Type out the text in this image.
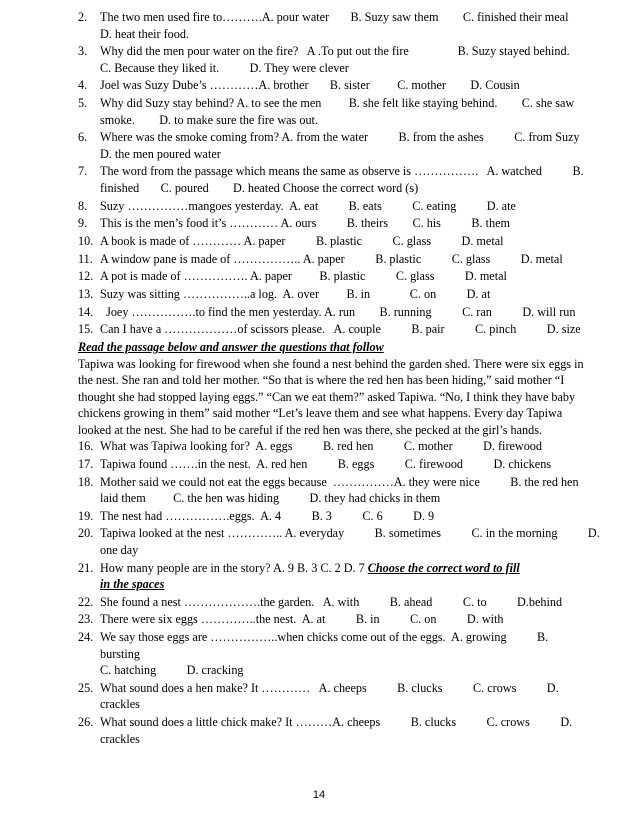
2.	The two men used fire to……….A. pour water       B. Suzy saw them        C. finished their meal
D. heat their food.
3.	Why did the men pour water on the fire?   A .To put out the fire                B. Suzy stayed behind.
C. Because they liked it.          D. They were clever
4.	Joel was Suzy Dube’s …………A. brother       B. sister         C. mother        D. Cousin
5.	Why did Suzy stay behind? A. to see the men         B. she felt like staying behind.        C. she saw
smoke.        D. to make sure the fire was out.
6.	Where was the smoke coming from? A. from the water          B. from the ashes          C. from Suzy
D. the men poured water
7.	The word from the passage which means the same as observe is …………….   A. watched          B.
finished       C. poured        D. heated Choose the correct word (s)
8.	Suzy ……………mangoes yesterday.  A. eat          B. eats          C. eating          D. ate
9.	This is the men’s food it’s ………… A. ours          B. theirs        C. his          B. them
10. A book is made of ………… A. paper          B. plastic          C. glass          D. metal
11. A window pane is made of …………….. A. paper          B. plastic          C. glass          D. metal
12. A pot is made of ……………. A. paper         B. plastic          C. glass          D. metal
13. Suzy was sitting ……………..a log.  A. over         B. in             C. on          D. at
14. Joey …………….to find the men yesterday. A. run        B. running          C. ran          D. will run
15. Can I have a ………………of scissors please.   A. couple          B. pair          C. pinch          D. size
Read the passage below and answer the questions that follow
Tapiwa was looking for firewood when she found a nest behind the garden shed. There were six eggs in
the nest. She ran and told her mother. “So that is where the red hen has been hiding,” said mother “I
thought she had stopped laying eggs.” “Can we eat them?” asked Tapiwa. “No, I think they have baby
chickens growing in them” said mother “Let’s leave them and see what happens. Every day Tapiwa
looked at the nest. She had to be careful if the red hen was there, she pecked at the girl’s hands.
16. What was Tapiwa looking for?  A. eggs          B. red hen          C. mother          D. firewood
17. Tapiwa found …….in the nest.  A. red hen          B. eggs          C. firewood          D. chickens
18. Mother said we could not eat the eggs because  ……………A. they were nice          B. the red hen
laid them         C. the hen was hiding          D. they had chicks in them
19. The nest had …………….eggs.  A. 4          B. 3          C. 6          D. 9
20. Tapiwa looked at the nest ………….. A. everyday          B. sometimes          C. in the morning          D.
one day
21. How many people are in the story? A. 9 B. 3 C. 2 D. 7 Choose the correct word to fill
in the spaces
22. She found a nest ……………….the garden.   A. with          B. ahead          C. to          D.behind
23. There were six eggs …………..the nest.  A. at          B. in          C. on          D. with
24. We say those eggs are ……………..when chicks come out of the eggs.  A. growing          B.
bursting
C. hatching          D. cracking
25. What sound does a hen make? It …………   A. cheeps          B. clucks          C. crows          D.
crackles
26. What sound does a little chick make? It ………A. cheeps          B. clucks          C. crows          D.
crackles
14
